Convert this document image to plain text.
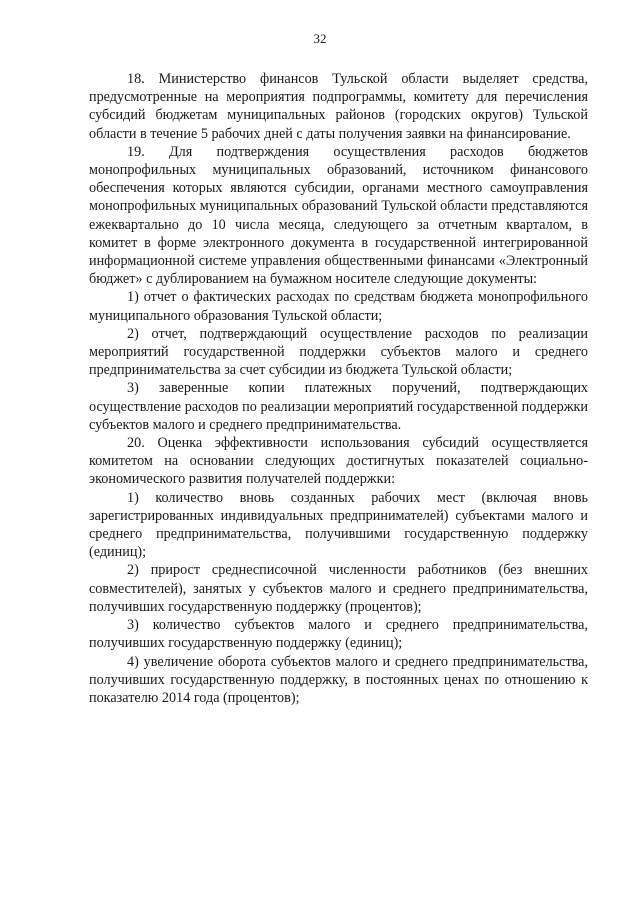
32

18. Министерство финансов Тульской области выделяет средства, предусмотренные на мероприятия подпрограммы, комитету для перечисления субсидий бюджетам муниципальных районов (городских округов) Тульской области в течение 5 рабочих дней с даты получения заявки на финансирование.

19. Для подтверждения осуществления расходов бюджетов монопрофильных муниципальных образований, источником финансового обеспечения которых являются субсидии, органами местного самоуправления монопрофильных муниципальных образований Тульской области представляются ежеквартально до 10 числа месяца, следующего за отчетным кварталом, в комитет в форме электронного документа в государственной интегрированной информационной системе управления общественными финансами «Электронный бюджет» с дублированием на бумажном носителе следующие документы:

1) отчет о фактических расходах по средствам бюджета монопрофильного муниципального образования Тульской области;

2) отчет, подтверждающий осуществление расходов по реализации мероприятий государственной поддержки субъектов малого и среднего предпринимательства за счет субсидии из бюджета Тульской области;

3) заверенные копии платежных поручений, подтверждающих осуществление расходов по реализации мероприятий государственной поддержки субъектов малого и среднего предпринимательства.

20. Оценка эффективности использования субсидий осуществляется комитетом на основании следующих достигнутых показателей социально-экономического развития получателей поддержки:

1) количество вновь созданных рабочих мест (включая вновь зарегистрированных индивидуальных предпринимателей) субъектами малого и среднего предпринимательства, получившими государственную поддержку (единиц);

2) прирост среднесписочной численности работников (без внешних совместителей), занятых у субъектов малого и среднего предпринимательства, получивших государственную поддержку (процентов);

3) количество субъектов малого и среднего предпринимательства, получивших государственную поддержку (единиц);

4) увеличение оборота субъектов малого и среднего предпринимательства, получивших государственную поддержку, в постоянных ценах по отношению к показателю 2014 года (процентов);
